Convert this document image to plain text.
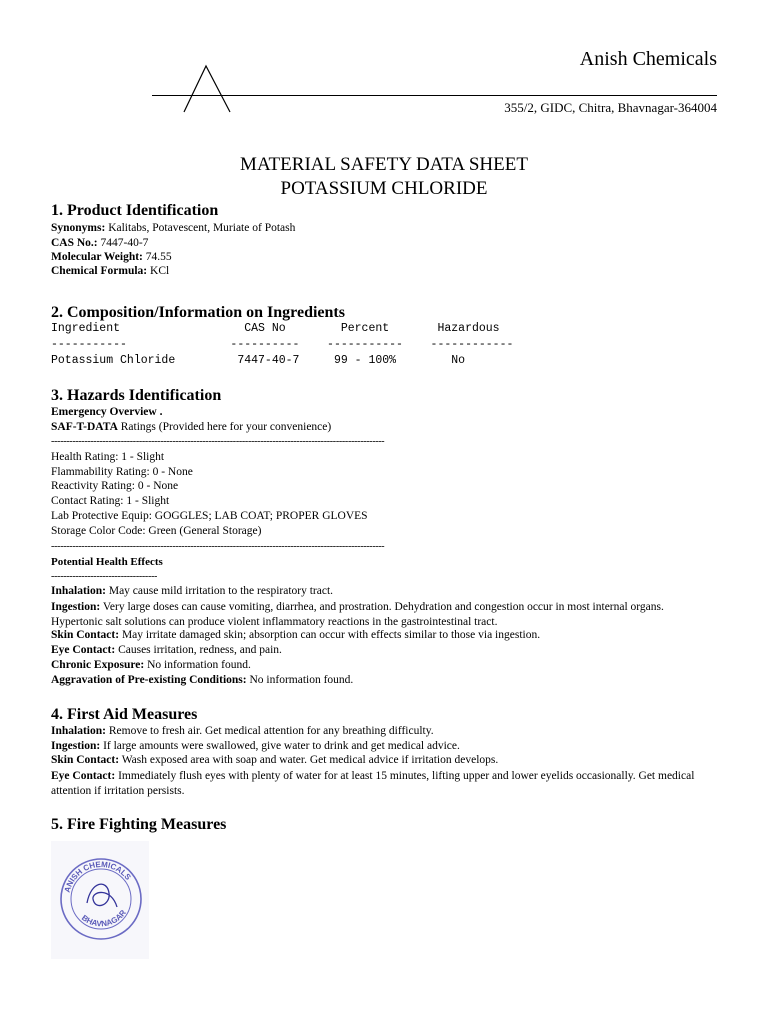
Anish Chemicals
355/2, GIDC, Chitra, Bhavnagar-364004
MATERIAL SAFETY DATA SHEET
POTASSIUM CHLORIDE
1. Product Identification
Synonyms: Kalitabs, Potavescent, Muriate of Potash
CAS No.: 7447-40-7
Molecular Weight: 74.55
Chemical Formula: KCl
2. Composition/Information on Ingredients
Ingredient                  CAS No        Percent       Hazardous
-----------               ----------    -----------    ------------
Potassium Chloride         7447-40-7     99 - 100%        No
3. Hazards Identification
Emergency Overview .
SAF-T-DATA Ratings (Provided here for your convenience)
--------------------------------------------------------------------------------------------------------------
Health Rating: 1 - Slight
Flammability Rating: 0 - None
Reactivity Rating: 0 - None
Contact Rating: 1 - Slight
Lab Protective Equip: GOGGLES; LAB COAT; PROPER GLOVES
Storage Color Code: Green (General Storage)
--------------------------------------------------------------------------------------------------------------
Potential Health Effects
-----------------------------------
Inhalation: May cause mild irritation to the respiratory tract.
Ingestion: Very large doses can cause vomiting, diarrhea, and prostration. Dehydration and congestion occur in most internal organs. Hypertonic salt solutions can produce violent inflammatory reactions in the gastrointestinal tract.
Skin Contact: May irritate damaged skin; absorption can occur with effects similar to those via ingestion.
Eye Contact: Causes irritation, redness, and pain.
Chronic Exposure: No information found.
Aggravation of Pre-existing Conditions: No information found.
4. First Aid Measures
Inhalation: Remove to fresh air. Get medical attention for any breathing difficulty.
Ingestion: If large amounts were swallowed, give water to drink and get medical advice.
Skin Contact: Wash exposed area with soap and water. Get medical advice if irritation develops.
Eye Contact: Immediately flush eyes with plenty of water for at least 15 minutes, lifting upper and lower eyelids occasionally. Get medical attention if irritation persists.
5. Fire Fighting Measures
ANISH CHEMICALS
BHAVNAGAR
